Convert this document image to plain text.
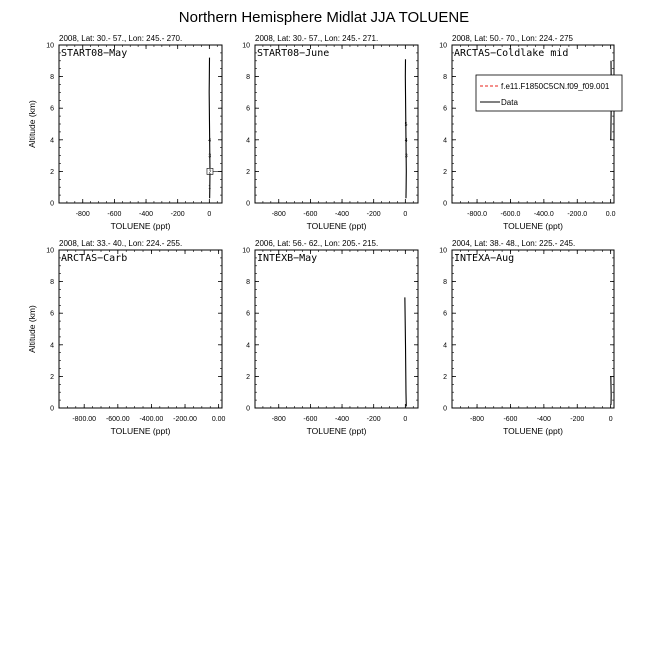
Northern Hemisphere Midlat JJA TOLUENE
2008, Lat: 30.- 57., Lon: 245.- 270.
-800	-600	-400	-200	0
0
2
4
6
8
10
TOLUENE (ppt)
Altitude (km)
START08−May
1
2
3
4
2008, Lat: 30.- 57., Lon: 245.- 271.
-800	-600	-400	-200	0
0
2
4
6
8
10
TOLUENE (ppt)
START08−June
3
4
5
2008, Lat: 50.- 70., Lon: 224.- 275
-800.0 -600.0 -400.0 -200.0	0.0
0
2
4
6
8
10
TOLUENE (ppt)
ARCTAS−Coldlake mid
f.e11.F1850C5CN.f09_f09.001
Data
2008, Lat: 33.- 40., Lon: 224.- 255.
-800.00 -600.00 -400.00 -200.00 0.00
0
2
4
6
8
10
TOLUENE (ppt)
Altitude (km)
ARCTAS−Carb
2006, Lat: 56.- 62., Lon: 205.- 215.
-800	-600	-400	-200	0
0
2
4
6
8
10
TOLUENE (ppt)
INTEXB−May
2004, Lat: 38.- 48., Lon: 225.- 245.
-800	-600	-400	-200	0
0
2
4
6
8
10
TOLUENE (ppt)
INTEXA−Aug
